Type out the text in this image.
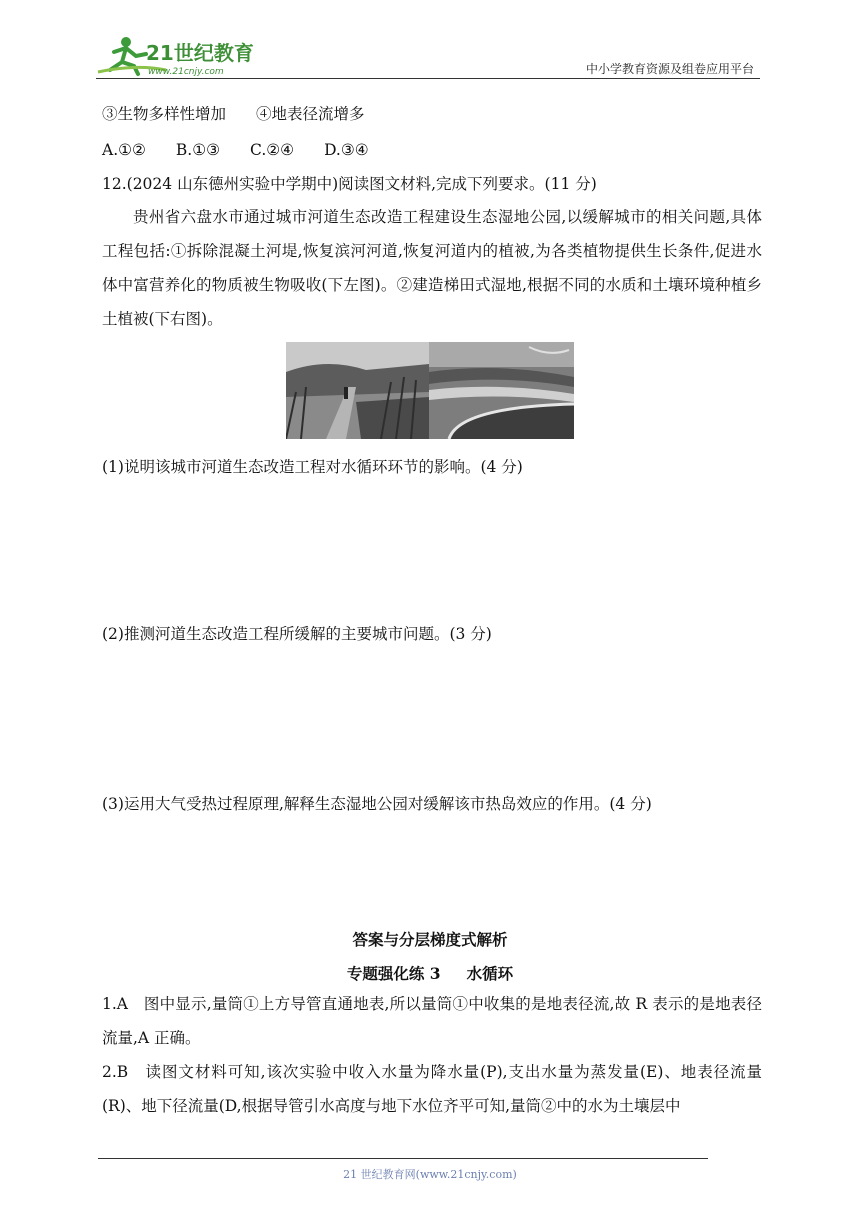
21世纪教育
www.21cnjy.com	中小学教育资源及组卷应用平台
③生物多样性增加 ④地表径流增多
A.①② B.①③ C.②④ D.③④
12.(2024 山东德州实验中学期中)阅读图文材料,完成下列要求。(11 分)
贵州省六盘水市通过城市河道生态改造工程建设生态湿地公园,以缓解城市的相关问题,具体工程包括:①拆除混凝土河堤,恢复滨河河道,恢复河道内的植被,为各类植物提供生长条件,促进水体中富营养化的物质被生物吸收(下左图)。②建造梯田式湿地,根据不同的水质和土壤环境种植乡土植被(下右图)。
(1)说明该城市河道生态改造工程对水循环环节的影响。(4 分)
(2)推测河道生态改造工程所缓解的主要城市问题。(3 分)
(3)运用大气受热过程原理,解释生态湿地公园对缓解该市热岛效应的作用。(4 分)
答案与分层梯度式解析
专题强化练 3 水循环
1.A　图中显示,量筒①上方导管直通地表,所以量筒①中收集的是地表径流,故 R 表示的是地表径流量,A 正确。
2.B　读图文材料可知,该次实验中收入水量为降水量(P),支出水量为蒸发量(E)、地表径流量(R)、地下径流量(D,根据导管引水高度与地下水位齐平可知,量筒②中的水为土壤层中
21 世纪教育网(www.21cnjy.com)
